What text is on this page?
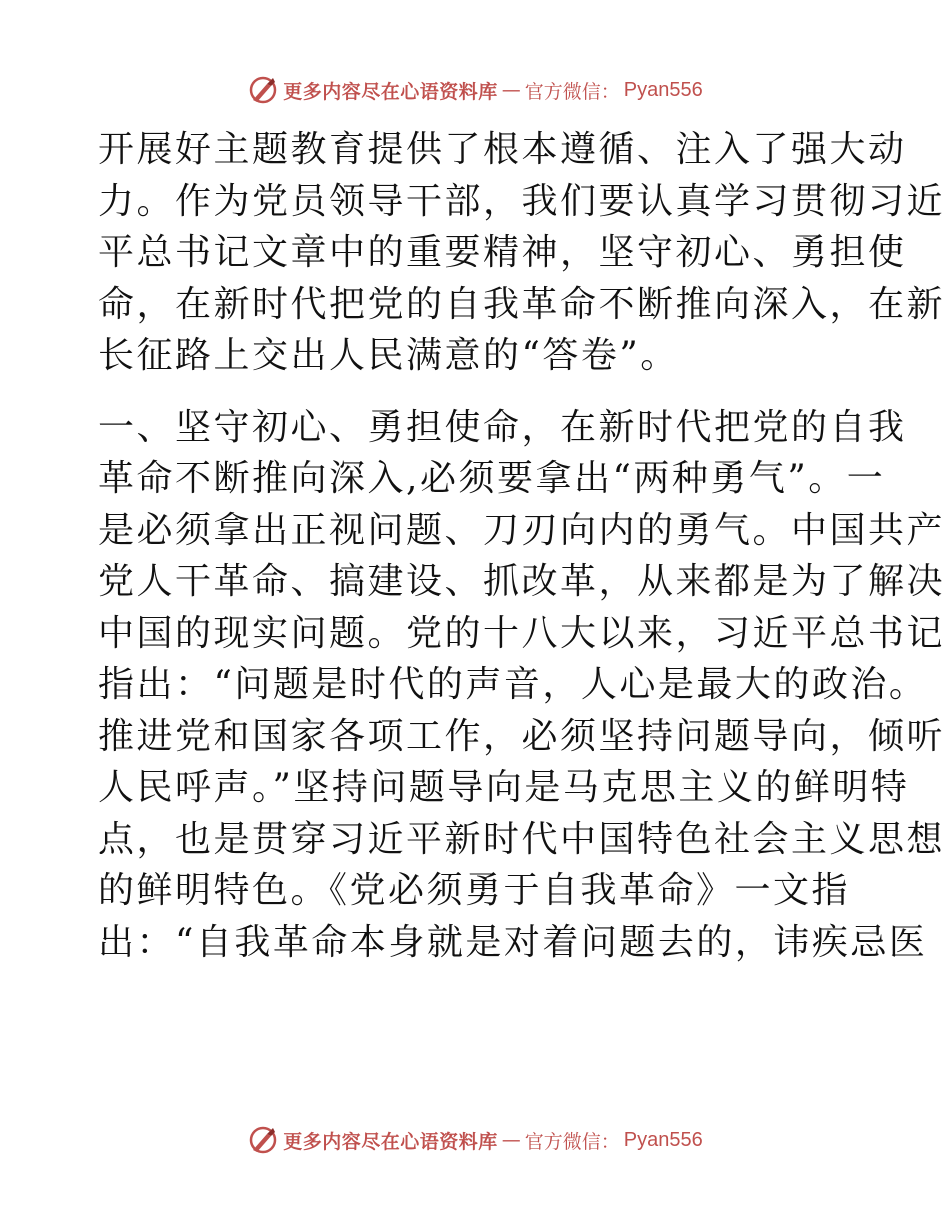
更多内容尽在心语资料库 — 官方微信： Pyan556
开展好主题教育提供了根本遵循、注入了强大动
力。作为党员领导干部，我们要认真学习贯彻习近
平总书记文章中的重要精神，坚守初心、勇担使
命，在新时代把党的自我革命不断推向深入，在新
长征路上交出人民满意的“答卷”。
一、坚守初心、勇担使命，在新时代把党的自我
革命不断推向深入,必须要拿出“两种勇气”。一
是必须拿出正视问题、刀刃向内的勇气。中国共产
党人干革命、搞建设、抓改革，从来都是为了解决
中国的现实问题。党的十八大以来，习近平总书记
指出：“问题是时代的声音，人心是最大的政治。
推进党和国家各项工作，必须坚持问题导向，倾听
人民呼声。”坚持问题导向是马克思主义的鲜明特
点，也是贯穿习近平新时代中国特色社会主义思想
的鲜明特色。《党必须勇于自我革命》一文指
出：“自我革命本身就是对着问题去的，讳疾忌医
更多内容尽在心语资料库 — 官方微信： Pyan556
